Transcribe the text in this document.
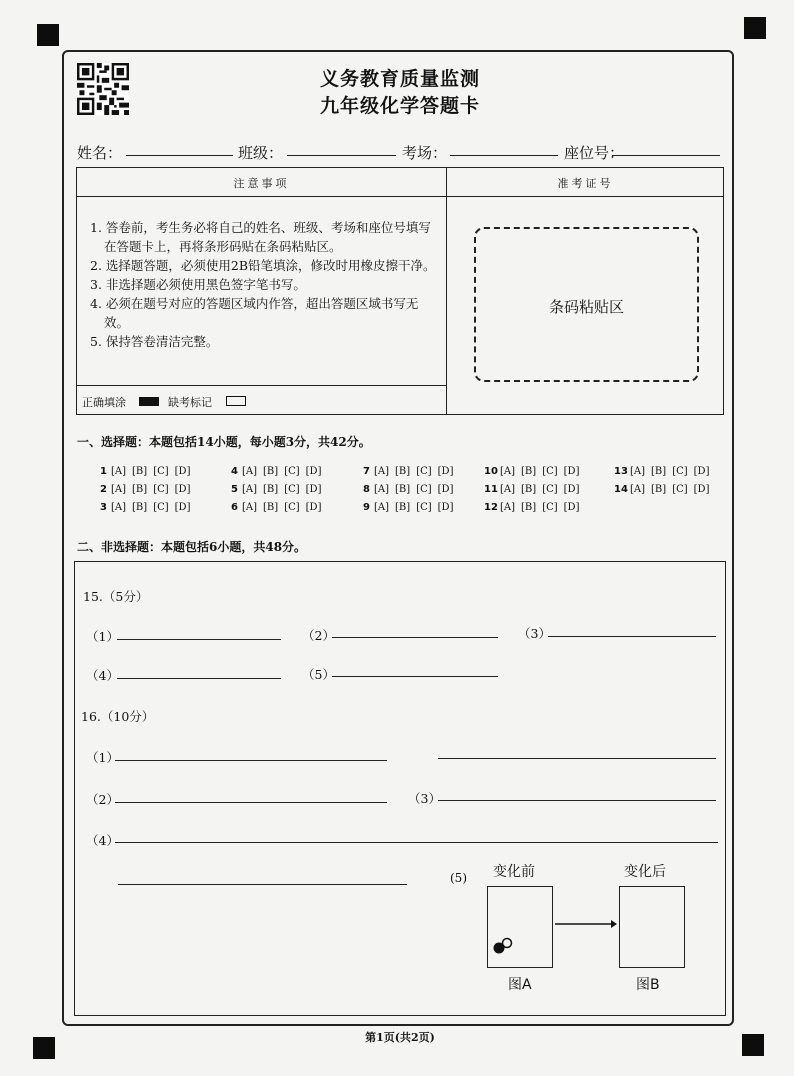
义务教育质量监测
九年级化学答题卡
姓名：	班级：	考场：	座位号：
注意事项	准考证号
1. 答卷前，考生务必将自己的姓名、班级、考场和座位号填写在答题卡上，再将条形码贴在条码粘贴区。
2. 选择题答题，必须使用2B铅笔填涂，修改时用橡皮擦干净。
3. 非选择题必须使用黑色签字笔书写。
4. 必须在题号对应的答题区域内作答，超出答题区域书写无效。
5. 保持答卷清洁完整。
正确填涂	缺考标记
条码粘贴区
一、选择题：本题包括14小题，每小题3分，共42分。
1 [A] [B] [C] [D]
2 [A] [B] [C] [D]
3 [A] [B] [C] [D]
4 [A] [B] [C] [D]
5 [A] [B] [C] [D]
6 [A] [B] [C] [D]
7 [A] [B] [C] [D]
8 [A] [B] [C] [D]
9 [A] [B] [C] [D]
10 [A] [B] [C] [D]
11 [A] [B] [C] [D]
12 [A] [B] [C] [D]
13 [A] [B] [C] [D]
14 [A] [B] [C] [D]
二、非选择题：本题包括6小题，共48分。
15.（5分）
（1）	（2）	（3）
（4）	（5）
16.（10分）
（1）
（2）	（3）
（4）
(5) 变化前	变化后
图A	图B
第1页(共2页)
